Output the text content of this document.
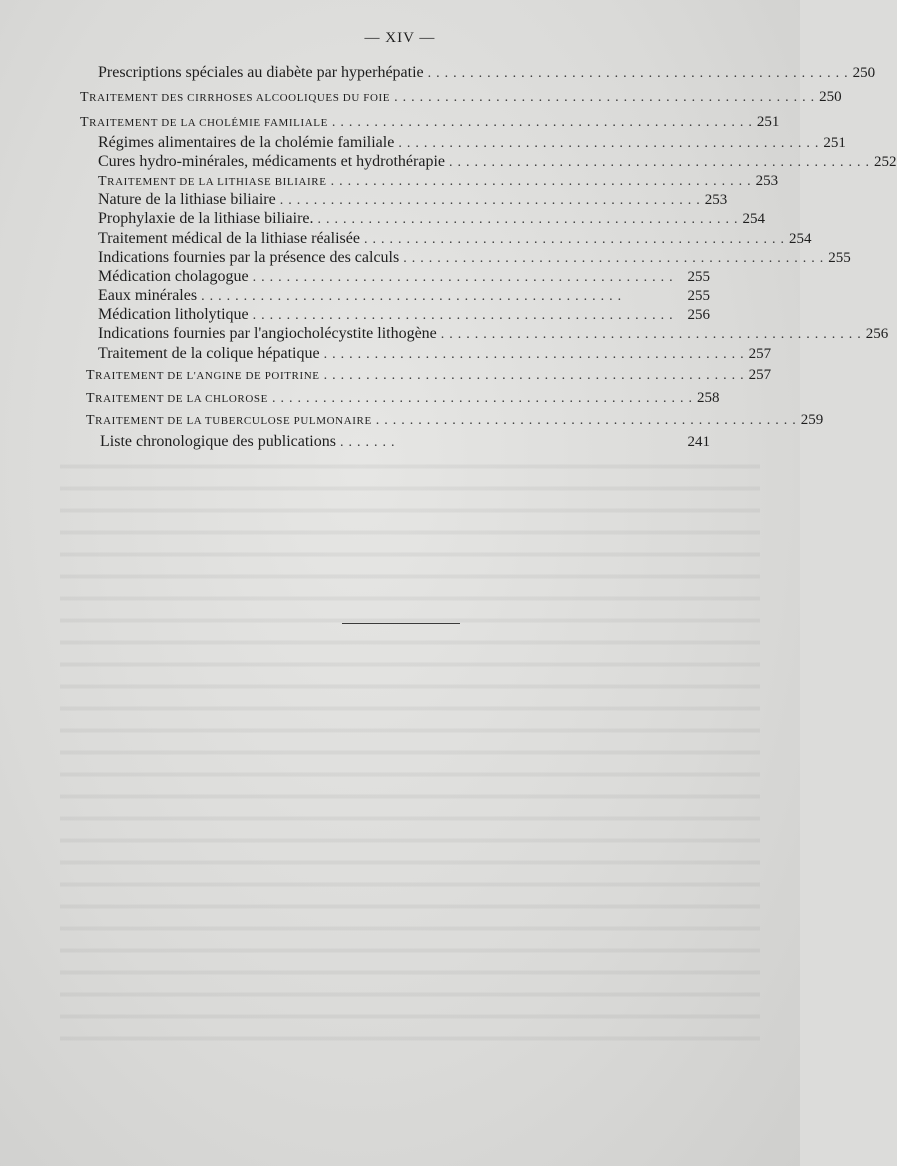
— XIV —
Prescriptions spéciales au diabète par hyperhépatie .................................................. 250
TRAITEMENT DES CIRRHOSES ALCOOLIQUES DU FOIE .................................................. 250
TRAITEMENT DE LA CHOLÉMIE FAMILIALE .................................................. 251
Régimes alimentaires de la cholémie familiale .................................................. 251
Cures hydro-minérales, médicaments et hydrothérapie .................................................. 252
TRAITEMENT DE LA LITHIASE BILIAIRE .................................................. 253
Nature de la lithiase biliaire .................................................. 253
Prophylaxie de la lithiase biliaire. .................................................. 254
Traitement médical de la lithiase réalisée .................................................. 254
Indications fournies par la présence des calculs .................................................. 255
Médication cholagogue .................................................. 255
Eaux minérales ..................................................	255
Médication litholytique .................................................. 256
Indications fournies par l'angiocholécystite lithogène .................................................. 256
Traitement de la colique hépatique .................................................. 257
TRAITEMENT DE L'ANGINE DE POITRINE .................................................. 257
TRAITEMENT DE LA CHLOROSE .................................................. 258
TRAITEMENT DE LA TUBERCULOSE PULMONAIRE .................................................. 259
Liste chronologique des publications .......	241
